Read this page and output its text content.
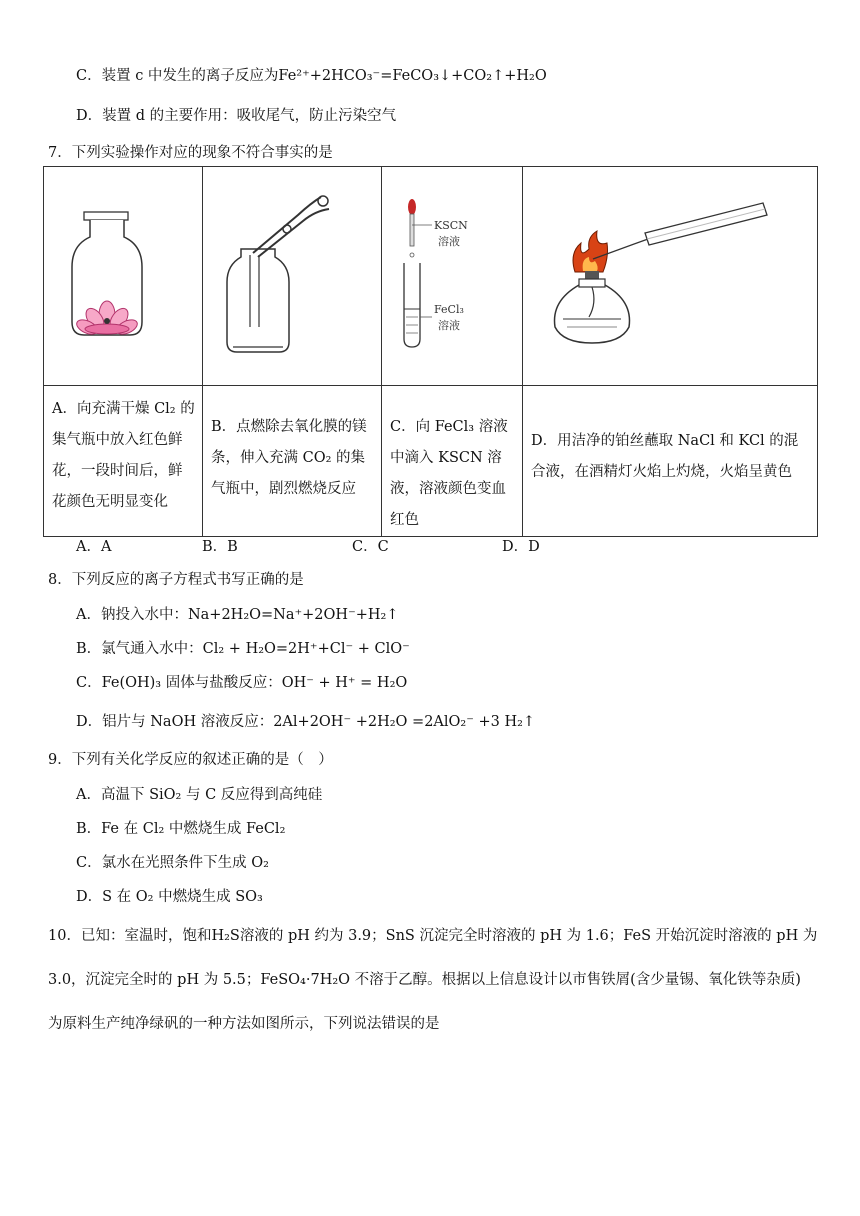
C．装置 c 中发生的离子反应为Fe²⁺+2HCO₃⁻=FeCO₃↓+CO₂↑+H₂O
D．装置 d 的主要作用：吸收尾气，防止污染空气
7．下列实验操作对应的现象不符合事实的是

KSCN
溶液
FeCl₃
溶液

A．向充满干燥 Cl₂ 的集气瓶中放入红色鲜花，一段时间后，鲜花颜色无明显变化	B．点燃除去氧化膜的镁条，伸入充满 CO₂ 的集气瓶中，剧烈燃烧反应	C．向 FeCl₃ 溶液中滴入 KSCN 溶液，溶液颜色变血红色	D．用洁净的铂丝蘸取 NaCl 和 KCl 的混合液，在酒精灯火焰上灼烧，火焰呈黄色
A．A	B．B	C．C	D．D
8．下列反应的离子方程式书写正确的是
A．钠投入水中：Na+2H₂O=Na⁺+2OH⁻+H₂↑
B．氯气通入水中：Cl₂ + H₂O=2H⁺+Cl⁻ + ClO⁻
C．Fe(OH)₃ 固体与盐酸反应：OH⁻ + H⁺ = H₂O
D．铝片与 NaOH 溶液反应：2Al+2OH⁻ +2H₂O =2AlO₂⁻ +3 H₂↑
9．下列有关化学反应的叙述正确的是（　）
A．高温下 SiO₂ 与 C 反应得到高纯硅
B．Fe 在 Cl₂ 中燃烧生成 FeCl₂
C．氯水在光照条件下生成 O₂
D．S 在 O₂ 中燃烧生成 SO₃
10．已知：室温时，饱和H₂S溶液的 pH 约为 3.9；SnS 沉淀完全时溶液的 pH 为 1.6；FeS 开始沉淀时溶液的 pH 为
3.0，沉淀完全时的 pH 为 5.5；FeSO₄·7H₂O 不溶于乙醇。根据以上信息设计以市售铁屑(含少量锡、氧化铁等杂质)
为原料生产纯净绿矾的一种方法如图所示，下列说法错误的是
